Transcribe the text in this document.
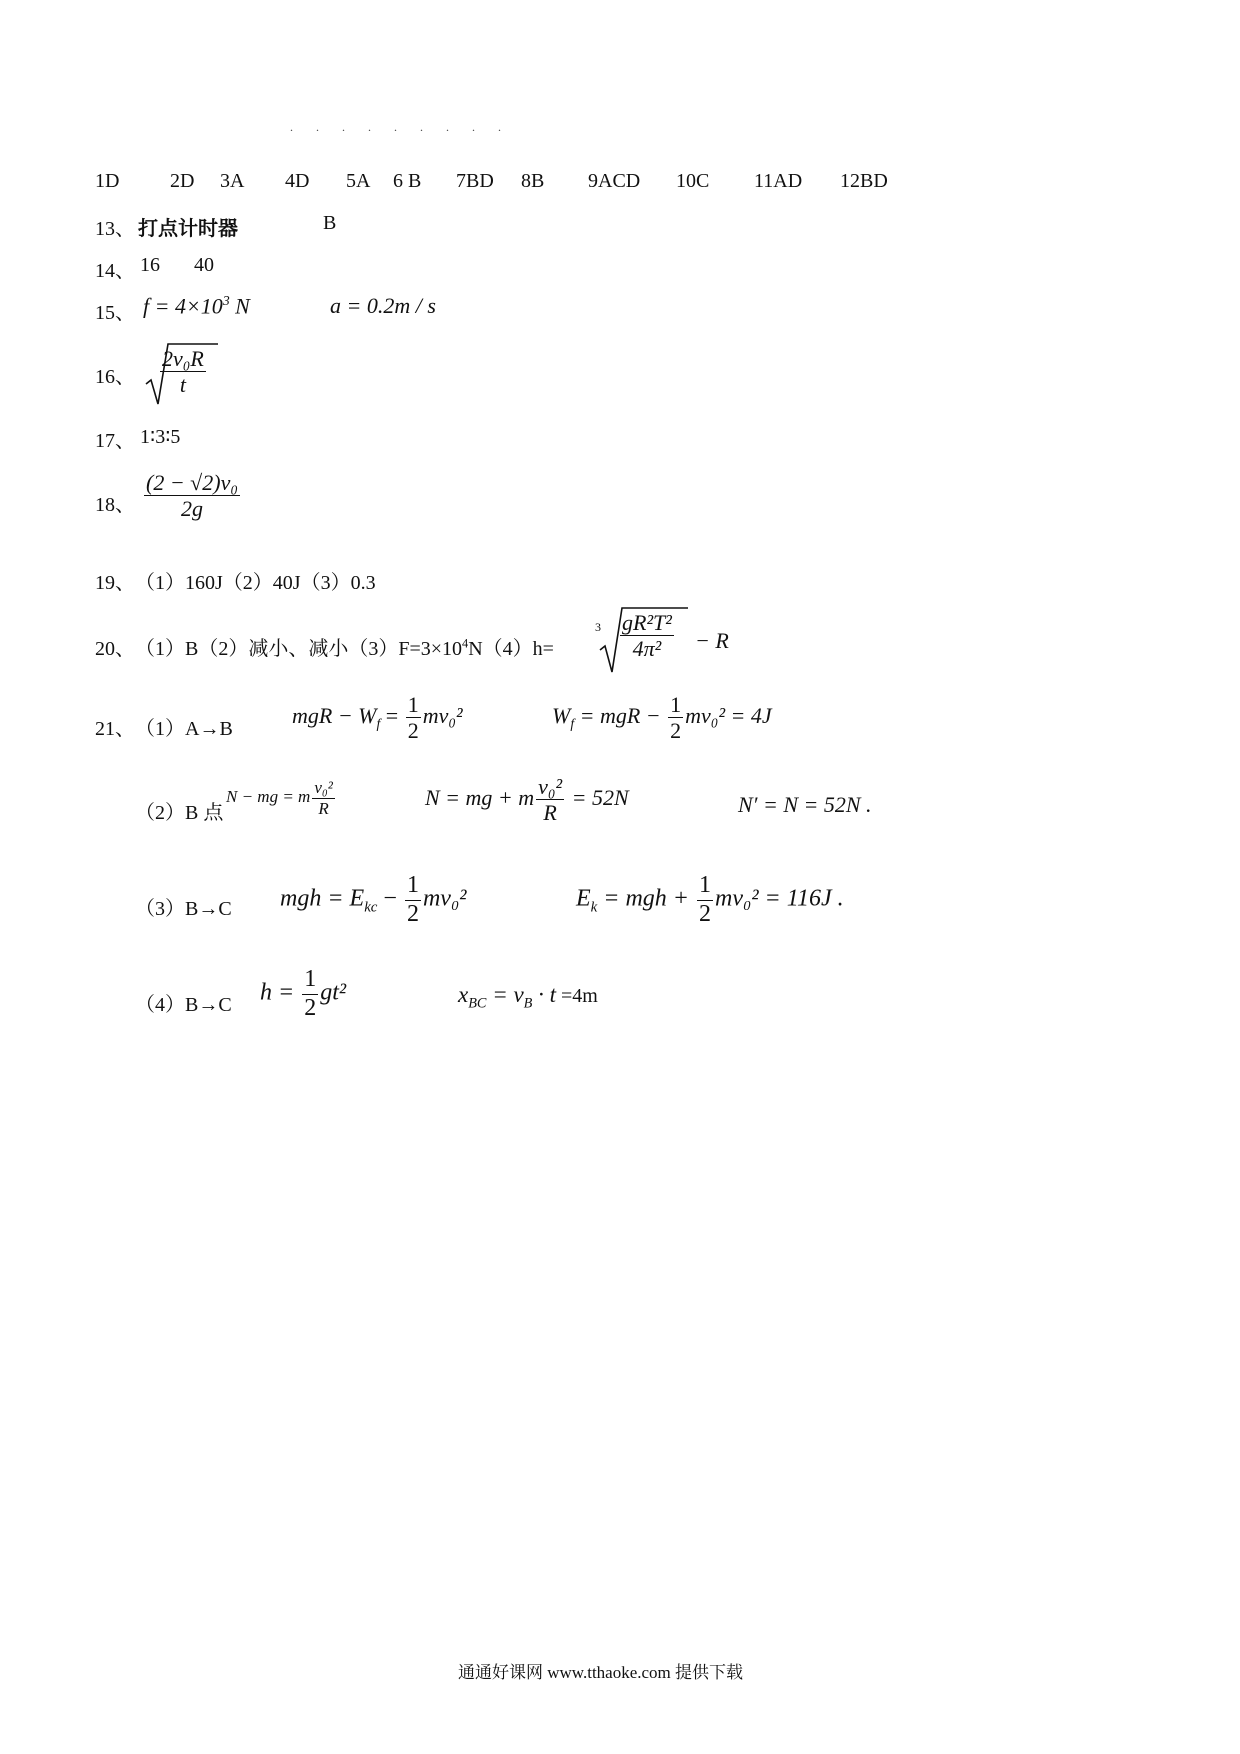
. . . . . . . . .
1D	2D 3A 4D 5A 6 B 7BD 8B 9ACD 10C 11AD 12BD
13、 打点计时器	B
14、 16 40
15、 $f = 4\times 10^3$ N	a = 0.2m / s
16、 $\frac{\text{2v₀R}}{t}$
17、 1∶3∶5
18、 $\frac{\text{(2 − √2)v₀}}{2g}$
19、 （1）160J（2）40J（3）0.3
20、 （1）B（2）减小、减小$(3)F=3\times 10^4N(4)h=$
$3 \frac{\text{gR²T²}}{\text{4π²}} - R$
21、 （1）A→B
mgR − $W_f = \frac{1}{2} mv_0^2$	$W_f$ = mgR − $\frac{1}{2} mv_0^2 = 4J$
（2）B 点
N − mg = m $\frac{\text{v₀²}}{R}$	N = mg + m $\frac{\text{v₀²}}{R} = 52N$	N′ = N = 52N .
（3）B→C mgh = $E_{kc} - \frac{1}{2} mv_0^2$	$E_k$ = mgh + $\frac{1}{2} mv_0^2 = 116J$ .
（4）B→C $h = \frac{1}{2} gt^2$	$x_{BC} = v_B \cdot t =4m$
通通好课网 www.tthaoke.com 提供下载
